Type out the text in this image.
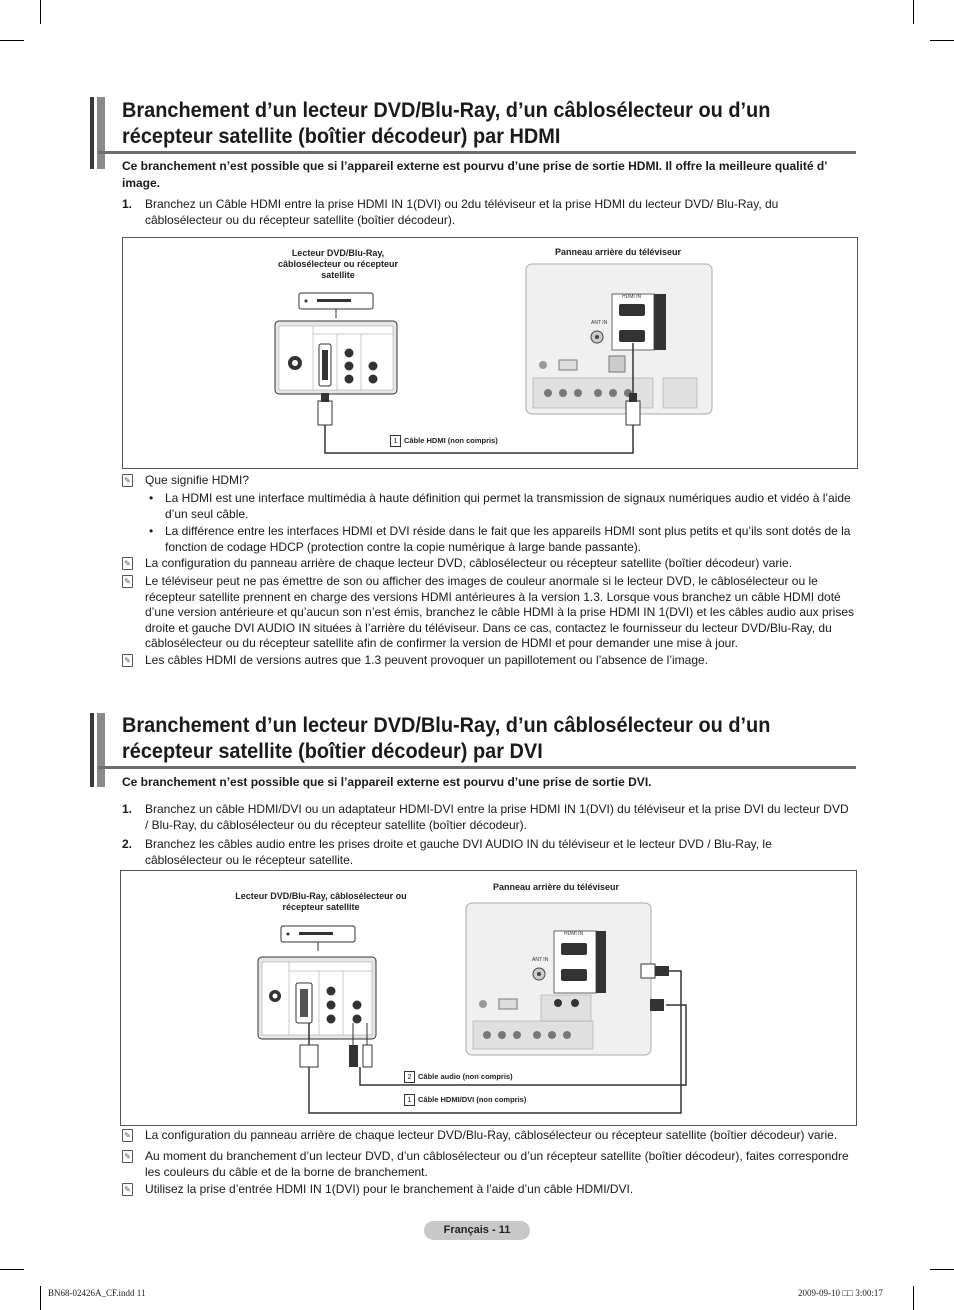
Branchement d’un lecteur DVD/Blu-Ray, d’un câblosélecteur ou d’un
récepteur satellite (boîtier décodeur) par HDMI
Ce branchement n’est possible que si l’appareil externe est pourvu d’une prise de sortie HDMI. Il offre la meilleure qualité d’ image.
1. Branchez un Câble HDMI entre la prise HDMI IN 1(DVI) ou 2du téléviseur et la prise HDMI du lecteur DVD/ Blu-Ray, du câblosélecteur ou du récepteur satellite (boîtier décodeur).
Lecteur DVD/Blu-Ray, câblosélecteur ou récepteur satellite
Panneau arrière du téléviseur
1 Câble HDMI (non compris)
HDMI IN
ANT IN
✎ Que signifie HDMI?
• La HDMI est une interface multimédia à haute définition qui permet la transmission de signaux numériques audio et vidéo à l’aide d’un seul câble.
• La différence entre les interfaces HDMI et DVI réside dans le fait que les appareils HDMI sont plus petits et qu’ils sont dotés de la fonction de codage HDCP (protection contre la copie numérique à large bande passante).
✎ La configuration du panneau arrière de chaque lecteur DVD, câblosélecteur ou récepteur satellite (boîtier décodeur) varie.
✎ Le téléviseur peut ne pas émettre de son ou afficher des images de couleur anormale si le lecteur DVD, le câblosélecteur ou le récepteur satellite prennent en charge des versions HDMI antérieures à la version 1.3. Lorsque vous branchez un câble HDMI doté d’une version antérieure et qu’aucun son n’est émis, branchez le câble HDMI à la prise HDMI IN 1(DVI) et les câbles audio aux prises droite et gauche DVI AUDIO IN situées à l’arrière du téléviseur. Dans ce cas, contactez le fournisseur du lecteur DVD/Blu-Ray, du câblosélecteur ou du récepteur satellite afin de confirmer la version de HDMI et pour demander une mise à jour.
✎ Les câbles HDMI de versions autres que 1.3 peuvent provoquer un papillotement ou l’absence de l’image.
Branchement d’un lecteur DVD/Blu-Ray, d’un câblosélecteur ou d’un
récepteur satellite (boîtier décodeur) par DVI
Ce branchement n’est possible que si l’appareil externe est pourvu d’une prise de sortie DVI.
1. Branchez un câble HDMI/DVI ou un adaptateur HDMI-DVI entre la prise HDMI IN 1(DVI) du téléviseur et la prise DVI du lecteur DVD / Blu-Ray, du câblosélecteur ou du récepteur satellite (boîtier décodeur).
2. Branchez les câbles audio entre les prises droite et gauche DVI AUDIO IN du téléviseur et le lecteur DVD / Blu-Ray, le câblosélecteur ou le récepteur satellite.
Lecteur DVD/Blu-Ray, câblosélecteur ou récepteur satellite
Panneau arrière du téléviseur
2 Câble audio (non compris)
1 Câble HDMI/DVI (non compris)
HDMI IN
ANT IN
✎ La configuration du panneau arrière de chaque lecteur DVD/Blu-Ray, câblosélecteur ou récepteur satellite (boîtier décodeur) varie.
✎ Au moment du branchement d’un lecteur DVD, d’un câblosélecteur ou d’un récepteur satellite (boîtier décodeur), faites correspondre les couleurs du câble et de la borne de branchement.
✎ Utilisez la prise d’entrée HDMI IN 1(DVI) pour le branchement à l’aide d’un câble HDMI/DVI.
Français - 11
BN68-02426A_CF.indd 11	2009-09-10 □□ 3:00:17
